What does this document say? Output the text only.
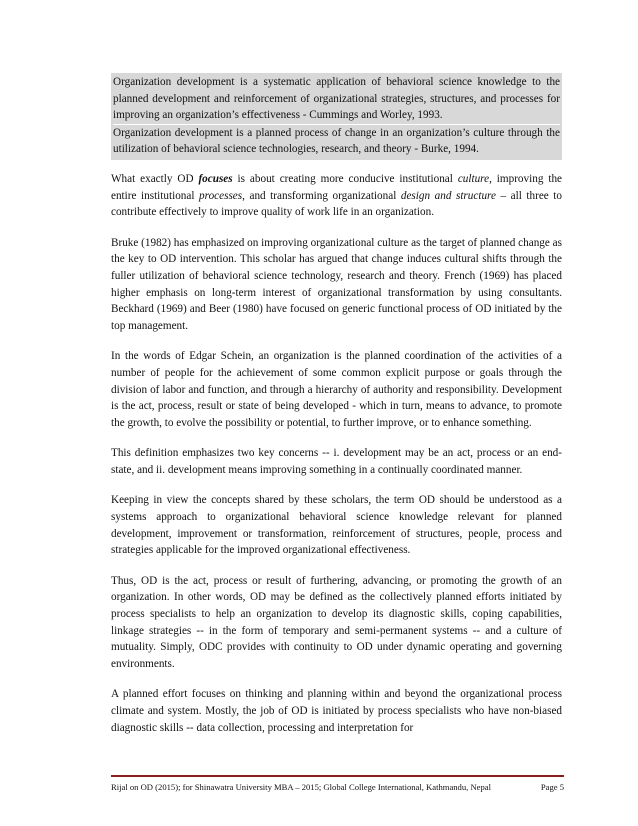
Organization development is a systematic application of behavioral science knowledge to the planned development and reinforcement of organizational strategies, structures, and processes for improving an organization’s effectiveness - Cummings and Worley, 1993.

Organization development is a planned process of change in an organization’s culture through the utilization of behavioral science technologies, research, and theory - Burke, 1994.

What exactly OD focuses is about creating more conducive institutional culture, improving the entire institutional processes, and transforming organizational design and structure – all three to contribute effectively to improve quality of work life in an organization.

Bruke (1982) has emphasized on improving organizational culture as the target of planned change as the key to OD intervention. This scholar has argued that change induces cultural shifts through the fuller utilization of behavioral science technology, research and theory. French (1969) has placed higher emphasis on long-term interest of organizational transformation by using consultants. Beckhard (1969) and Beer (1980) have focused on generic functional process of OD initiated by the top management.

In the words of Edgar Schein, an organization is the planned coordination of the activities of a number of people for the achievement of some common explicit purpose or goals through the division of labor and function, and through a hierarchy of authority and responsibility. Development is the act, process, result or state of being developed - which in turn, means to advance, to promote the growth, to evolve the possibility or potential, to further improve, or to enhance something.

This definition emphasizes two key concerns -- i. development may be an act, process or an end-state, and ii. development means improving something in a continually coordinated manner.

Keeping in view the concepts shared by these scholars, the term OD should be understood as a systems approach to organizational behavioral science knowledge relevant for planned development, improvement or transformation, reinforcement of structures, people, process and strategies applicable for the improved organizational effectiveness.

Thus, OD is the act, process or result of furthering, advancing, or promoting the growth of an organization. In other words, OD may be defined as the collectively planned efforts initiated by process specialists to help an organization to develop its diagnostic skills, coping capabilities, linkage strategies -- in the form of temporary and semi-permanent systems -- and a culture of mutuality. Simply, ODC provides with continuity to OD under dynamic operating and governing environments.

A planned effort focuses on thinking and planning within and beyond the organizational process climate and system. Mostly, the job of OD is initiated by process specialists who have non-biased diagnostic skills -- data collection, processing and interpretation for

Rijal on OD (2015); for Shinawatra University MBA – 2015; Global College International, Kathmandu, Nepal	Page 5
